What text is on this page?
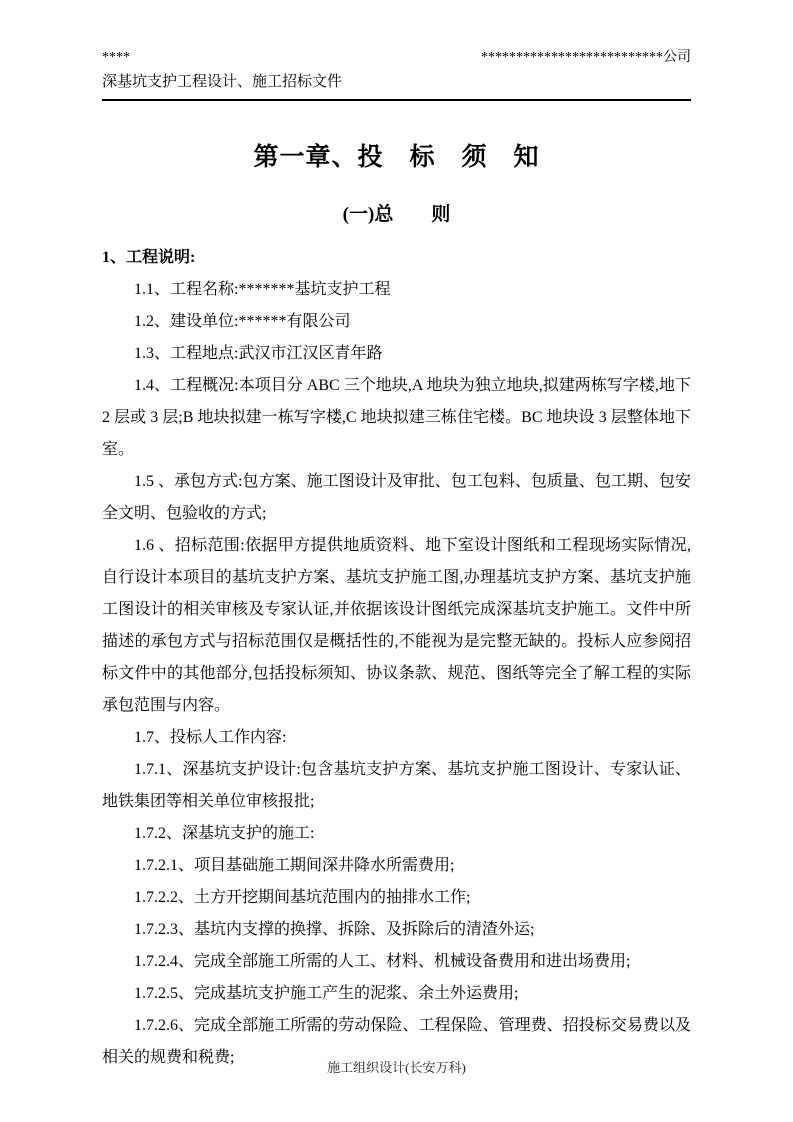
****	**************************公司
深基坑支护工程设计、施工招标文件
第一章、投　标　须　知
(一)总　　则

1、工程说明:

1.1、工程名称:*******基坑支护工程

1.2、建设单位:******有限公司

1.3、工程地点:武汉市江汉区青年路

1.4、工程概况:本项目分 ABC 三个地块,A 地块为独立地块,拟建两栋写字楼,地下 2 层或 3 层;B 地块拟建一栋写字楼,C 地块拟建三栋住宅楼。BC 地块设 3 层整体地下室。

1.5 、承包方式:包方案、施工图设计及审批、包工包料、包质量、包工期、包安全文明、包验收的方式;

1.6 、招标范围:依据甲方提供地质资料、地下室设计图纸和工程现场实际情况,自行设计本项目的基坑支护方案、基坑支护施工图,办理基坑支护方案、基坑支护施工图设计的相关审核及专家认证,并依据该设计图纸完成深基坑支护施工。文件中所描述的承包方式与招标范围仅是概括性的,不能视为是完整无缺的。投标人应参阅招标文件中的其他部分,包括投标须知、协议条款、规范、图纸等完全了解工程的实际承包范围与内容。

1.7、投标人工作内容:

1.7.1、深基坑支护设计:包含基坑支护方案、基坑支护施工图设计、专家认证、地铁集团等相关单位审核报批;

1.7.2、深基坑支护的施工:

1.7.2.1、项目基础施工期间深井降水所需费用;

1.7.2.2、土方开挖期间基坑范围内的抽排水工作;

1.7.2.3、基坑内支撑的换撑、拆除、及拆除后的清渣外运;

1.7.2.4、完成全部施工所需的人工、材料、机械设备费用和进出场费用;

1.7.2.5、完成基坑支护施工产生的泥浆、余土外运费用;

1.7.2.6、完成全部施工所需的劳动保险、工程保险、管理费、招投标交易费以及相关的规费和税费;

施工组织设计(长安万科)
